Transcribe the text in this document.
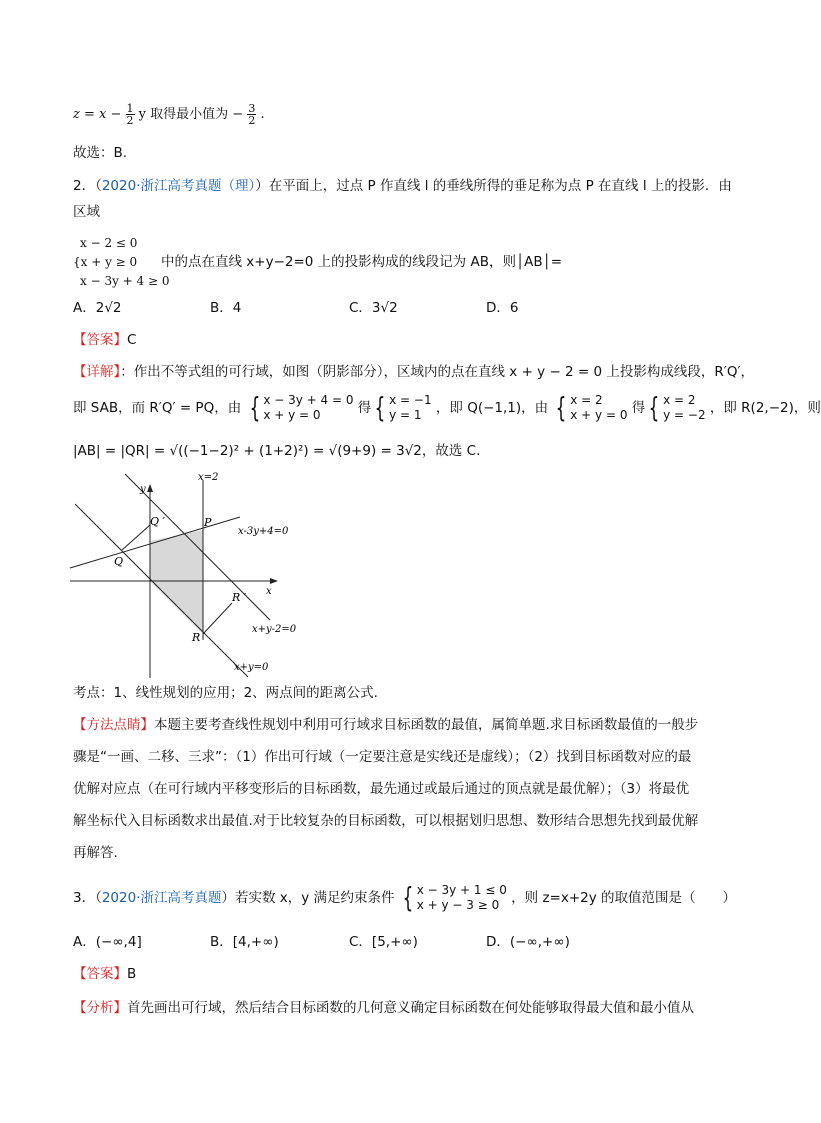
$z = x - \frac{1}{2}$ y 取得最小值为 − $\frac{3}{2}$ .
故选：B.
2．（2020·浙江高考真题（理））在平面上，过点 P 作直线 l 的垂线所得的垂足称为点 P 在直线 l 上的投影．由
区域
x − 2 ≤ 0
{x + y ≥ 0
x − 3y + 4 ≥ 0
中的点在直线 x+y−2=0 上的投影构成的线段记为 AB，则│AB│=
A．2√2	B．4	C．3√2	D．6
【答案】C
【详解】：作出不等式组的可行域，如图（阴影部分），区域内的点在直线 x + y − 2 = 0 上投影构成线段，R′Q′，
即 SAB，而 R′Q′ = PQ，由 { x − 3y + 4 = 0
x + y = 0	得 { x = −1
y = 1	，即 Q(−1,1)，由 { x = 2
x + y = 0 得 { x = 2
y = −2 ，即 R(2,−2)，则
|AB| = |QR| = √((−1−2)² + (1+2)²) = √(9+9) = 3√2，故选 C.
x=2
y
x
Q ′	P
Q
x-3y+4=0
R ′
R
x+y-2=0
x+y=0
考点：1、线性规划的应用；2、两点间的距离公式.
【方法点睛】本题主要考查线性规划中利用可行域求目标函数的最值，属简单题.求目标函数最值的一般步
骤是“一画、二移、三求”：（1）作出可行域（一定要注意是实线还是虚线）；（2）找到目标函数对应的最
优解对应点（在可行域内平移变形后的目标函数，最先通过或最后通过的顶点就是最优解）；（3）将最优
解坐标代入目标函数求出最值.对于比较复杂的目标函数，可以根据划归思想、数形结合思想先找到最优解
再解答.
3．（2020·浙江高考真题）若实数 x，y 满足约束条件 { x − 3y + 1 ≤ 0
x + y − 3 ≥ 0 ，则 z=x+2y 的取值范围是（　　）
A．(−∞,4]	B．[4,+∞)	C．[5,+∞)	D．(−∞,+∞)
【答案】B
【分析】首先画出可行域，然后结合目标函数的几何意义确定目标函数在何处能够取得最大值和最小值从
